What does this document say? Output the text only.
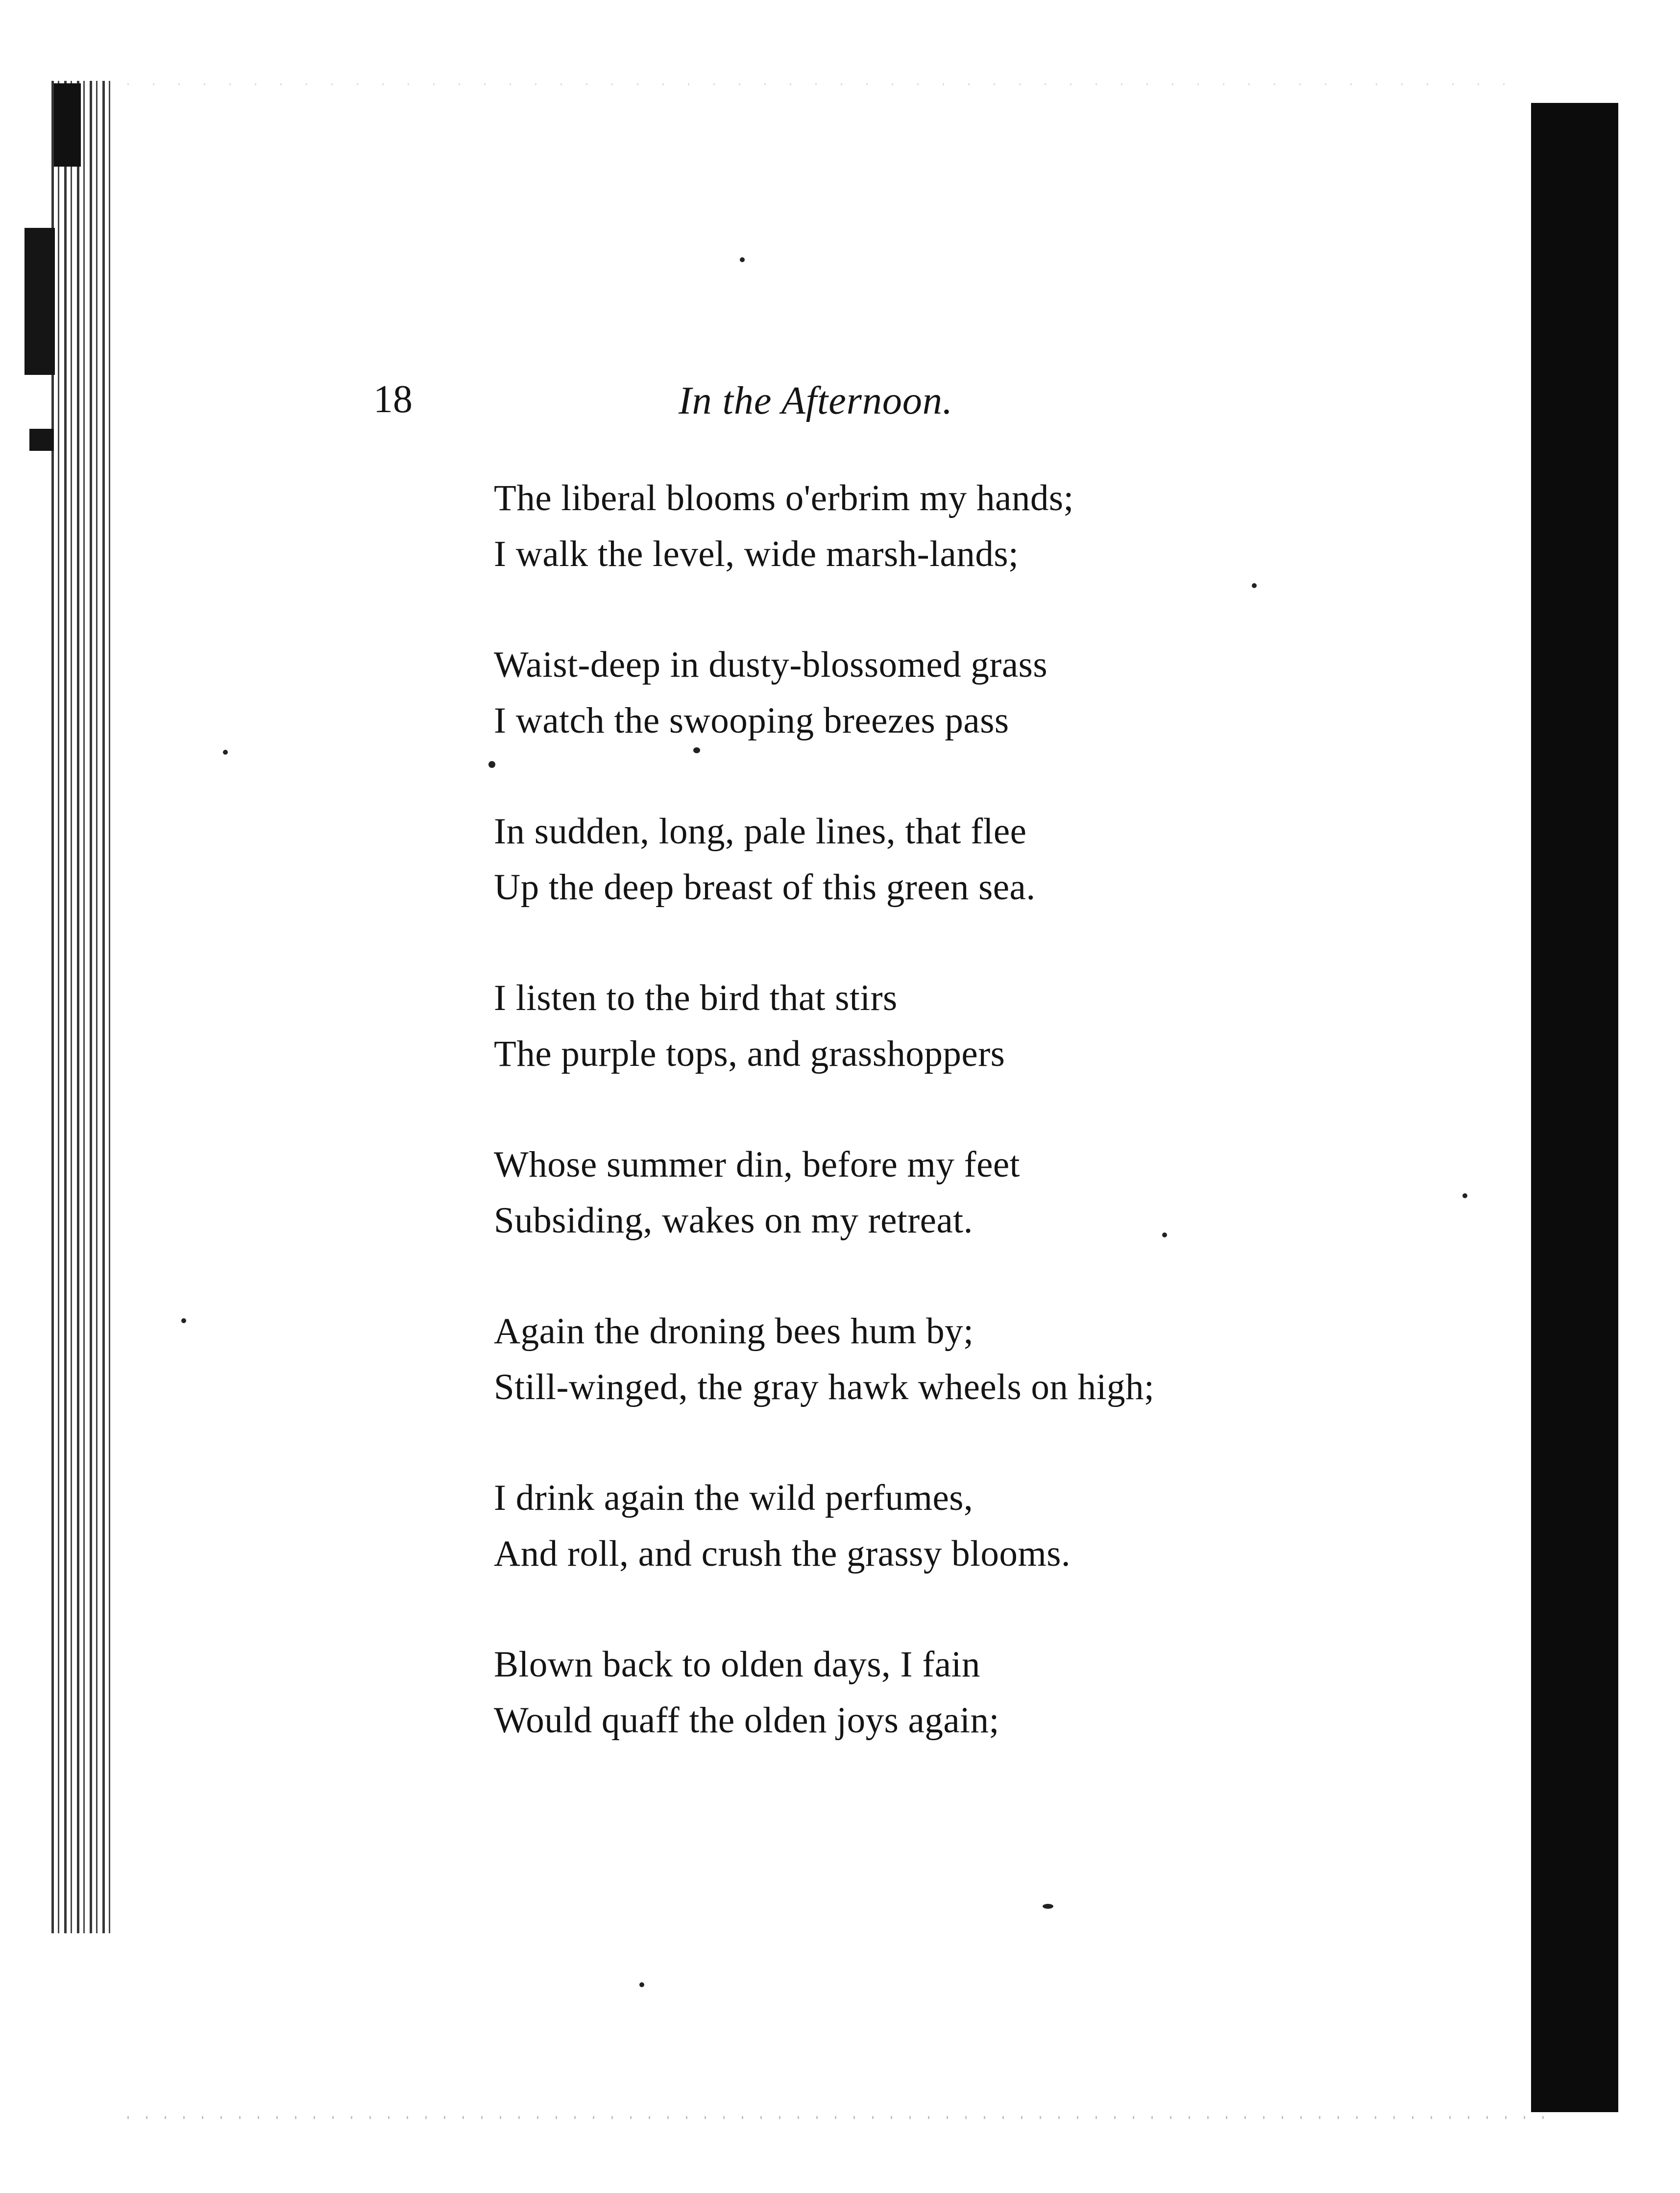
18	In the Afternoon.
The liberal blooms o'erbrim my hands;
I walk the level, wide marsh-lands;
Waist-deep in dusty-blossomed grass
I watch the swooping breezes pass
In sudden, long, pale lines, that flee
Up the deep breast of this green sea.
I listen to the bird that stirs
The purple tops, and grasshoppers
Whose summer din, before my feet
Subsiding, wakes on my retreat.
Again the droning bees hum by;
Still-winged, the gray hawk wheels on high;
I drink again the wild perfumes,
And roll, and crush the grassy blooms.
Blown back to olden days, I fain
Would quaff the olden joys again;
